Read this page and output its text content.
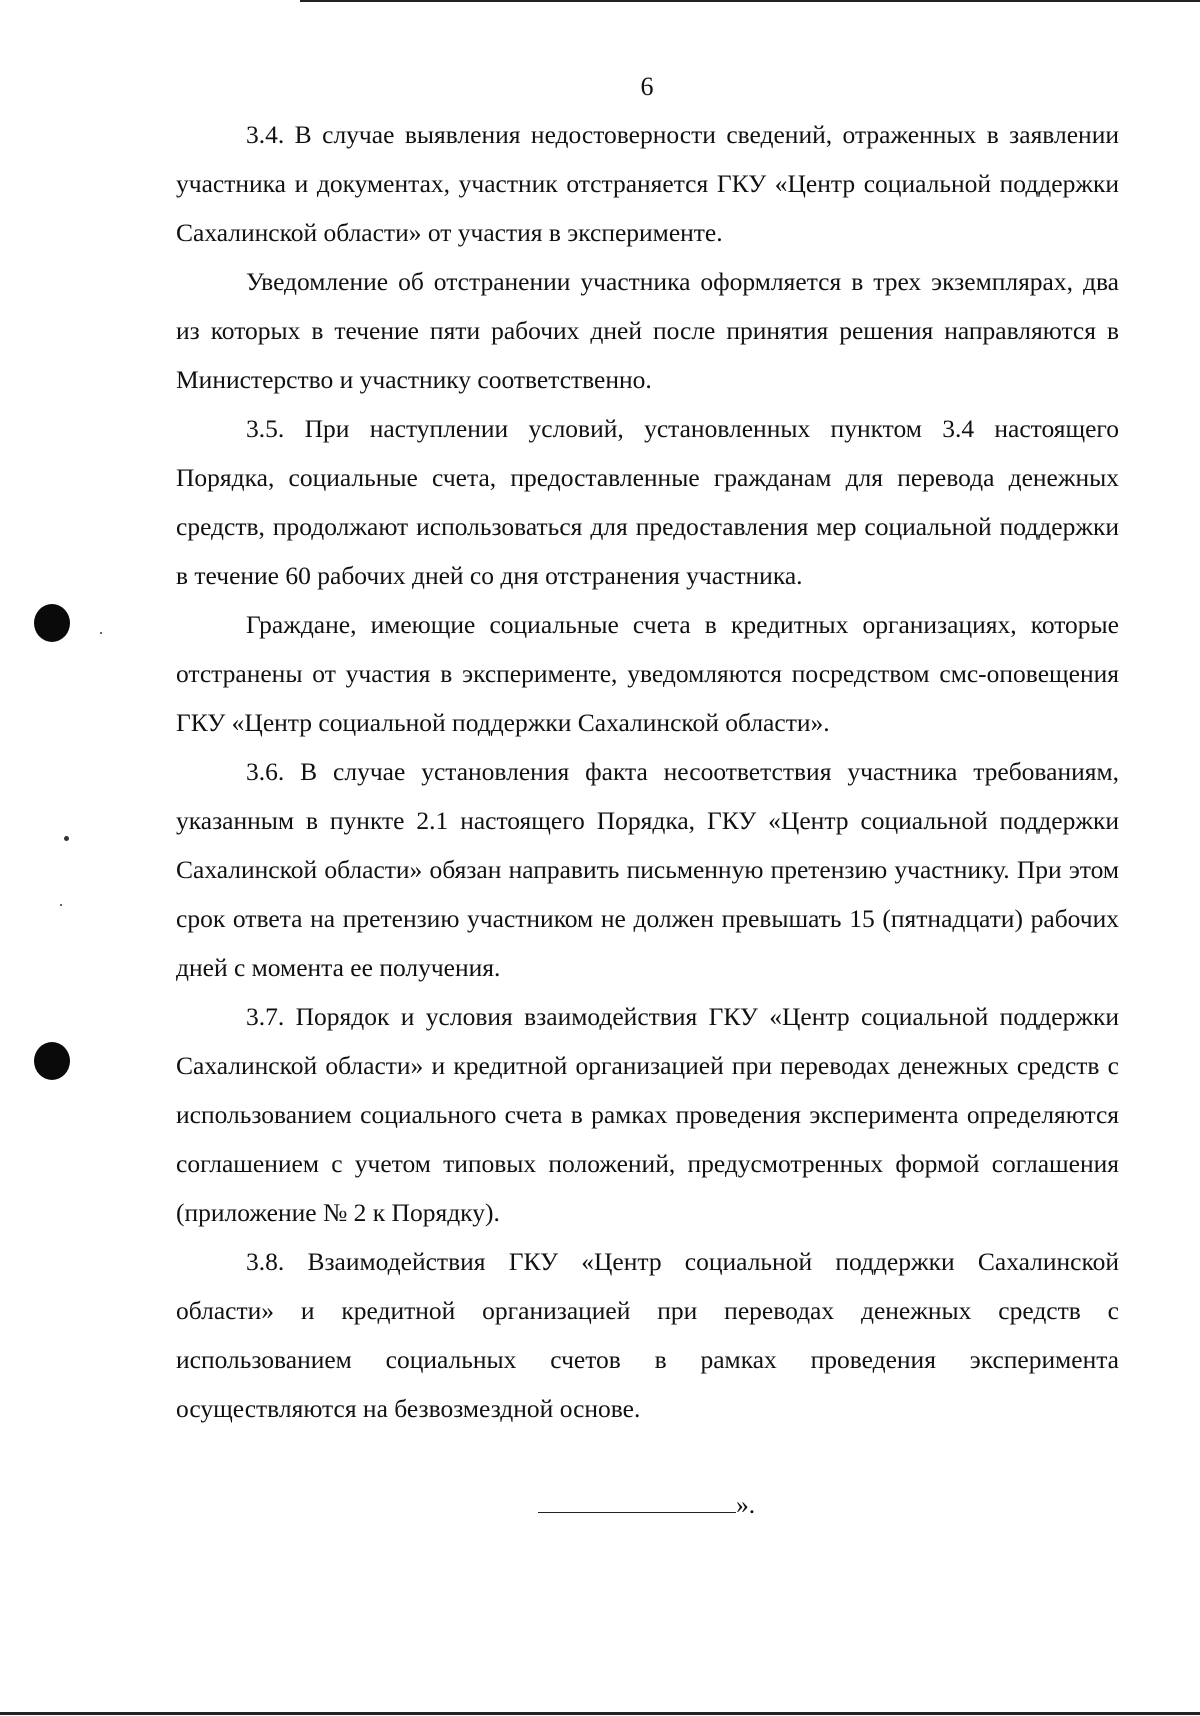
6

3.4. В случае выявления недостоверности сведений, отраженных в заявлении участника и документах, участник отстраняется ГКУ «Центр социальной поддержки Сахалинской области» от участия в эксперименте.

Уведомление об отстранении участника оформляется в трех экземплярах, два из которых в течение пяти рабочих дней после принятия решения направляются в Министерство и участнику соответственно.

3.5. При наступлении условий, установленных пунктом 3.4 настоящего Порядка, социальные счета, предоставленные гражданам для перевода денежных средств, продолжают использоваться для предоставления мер социальной поддержки в течение 60 рабочих дней со дня отстранения участника.

Граждане, имеющие социальные счета в кредитных организациях, которые отстранены от участия в эксперименте, уведомляются посредством смс-оповещения ГКУ «Центр социальной поддержки Сахалинской области».

3.6. В случае установления факта несоответствия участника требованиям, указанным в пункте 2.1 настоящего Порядка, ГКУ «Центр социальной поддержки Сахалинской области» обязан направить письменную претензию участнику. При этом срок ответа на претензию участником не должен превышать 15 (пятнадцати) рабочих дней с момента ее получения.

3.7. Порядок и условия взаимодействия ГКУ «Центр социальной поддержки Сахалинской области» и кредитной организацией при переводах денежных средств с использованием социального счета в рамках проведения эксперимента определяются соглашением с учетом типовых положений, предусмотренных формой соглашения (приложение № 2 к Порядку).

3.8. Взаимодействия ГКУ «Центр социальной поддержки Сахалинской области» и кредитной организацией при переводах денежных средств с использованием социальных счетов в рамках проведения эксперимента осуществляются на безвозмездной основе.

».
